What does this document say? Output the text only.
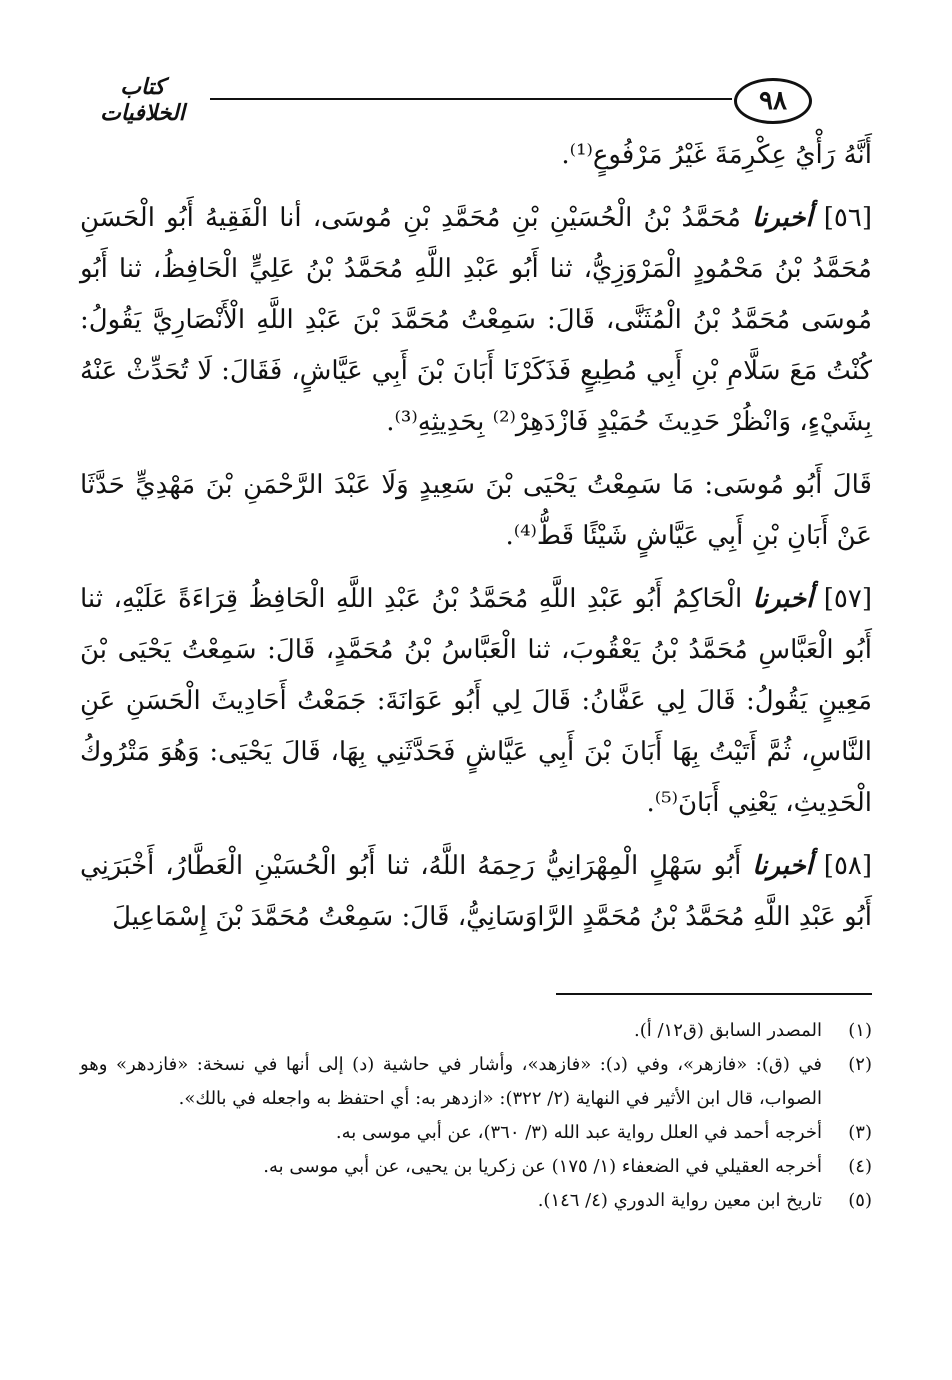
٩٨
كتاب الخلافيات

أَنَّهُ رَأْيُ عِكْرِمَةَ غَيْرُ مَرْفُوعٍ⁽¹⁾.

[٥٦] أخبرنا مُحَمَّدُ بْنُ الْحُسَيْنِ بْنِ مُحَمَّدِ بْنِ مُوسَى، أنا الْفَقِيهُ أَبُو الْحَسَنِ مُحَمَّدُ بْنُ مَحْمُودٍ الْمَرْوَزِيُّ، ثنا أَبُو عَبْدِ اللَّهِ مُحَمَّدُ بْنُ عَلِيٍّ الْحَافِظُ، ثنا أَبُو مُوسَى مُحَمَّدُ بْنُ الْمُثَنَّى، قَالَ: سَمِعْتُ مُحَمَّدَ بْنَ عَبْدِ اللَّهِ الْأَنْصَارِيَّ يَقُولُ: كُنْتُ مَعَ سَلَّامِ بْنِ أَبِي مُطِيعٍ فَذَكَرْنَا أَبَانَ بْنَ أَبِي عَيَّاشٍ، فَقَالَ: لَا تُحَدِّثْ عَنْهُ بِشَيْءٍ، وَانْظُرْ حَدِيثَ حُمَيْدٍ فَازْدَهِرْ⁽²⁾ بِحَدِيثِهِ⁽³⁾.

قَالَ أَبُو مُوسَى: مَا سَمِعْتُ يَحْيَى بْنَ سَعِيدٍ وَلَا عَبْدَ الرَّحْمَنِ بْنَ مَهْدِيٍّ حَدَّثَا عَنْ أَبَانِ بْنِ أَبِي عَيَّاشٍ شَيْئًا قَطُّ⁽⁴⁾.

[٥٧] أخبرنا الْحَاكِمُ أَبُو عَبْدِ اللَّهِ مُحَمَّدُ بْنُ عَبْدِ اللَّهِ الْحَافِظُ قِرَاءَةً عَلَيْهِ، ثنا أَبُو الْعَبَّاسِ مُحَمَّدُ بْنُ يَعْقُوبَ، ثنا الْعَبَّاسُ بْنُ مُحَمَّدٍ، قَالَ: سَمِعْتُ يَحْيَى بْنَ مَعِينٍ يَقُولُ: قَالَ لِي عَفَّانُ: قَالَ لِي أَبُو عَوَانَةَ: جَمَعْتُ أَحَادِيثَ الْحَسَنِ عَنِ النَّاسِ، ثُمَّ أَتَيْتُ بِهَا أَبَانَ بْنَ أَبِي عَيَّاشٍ فَحَدَّثَنِي بِهَا، قَالَ يَحْيَى: وَهُوَ مَتْرُوكُ الْحَدِيثِ، يَعْنِي أَبَانَ⁽⁵⁾.

[٥٨] أخبرنا أَبُو سَهْلٍ الْمِهْرَانِيُّ رَحِمَهُ اللَّهُ، ثنا أَبُو الْحُسَيْنِ الْعَطَّارُ، أَخْبَرَنِي أَبُو عَبْدِ اللَّهِ مُحَمَّدُ بْنُ مُحَمَّدٍ الرَّاوَسَانِيُّ، قَالَ: سَمِعْتُ مُحَمَّدَ بْنَ إِسْمَاعِيلَ

(١)
المصدر السابق (ق١٢/ أ).
(٢)
في (ق): «فازهر»، وفي (د): «فازهد»، وأشار في حاشية (د) إلى أنها في نسخة: «فازدهر» وهو الصواب، قال ابن الأثير في النهاية (٢/ ٣٢٢): «ازدهر به: أي احتفظ به واجعله في بالك».
(٣)
أخرجه أحمد في العلل رواية عبد الله (٣/ ٣٦٠)، عن أبي موسى به.
(٤)
أخرجه العقيلي في الضعفاء (١/ ١٧٥) عن زكريا بن يحيى، عن أبي موسى به.
(٥)
تاريخ ابن معين رواية الدوري (٤/ ١٤٦).
